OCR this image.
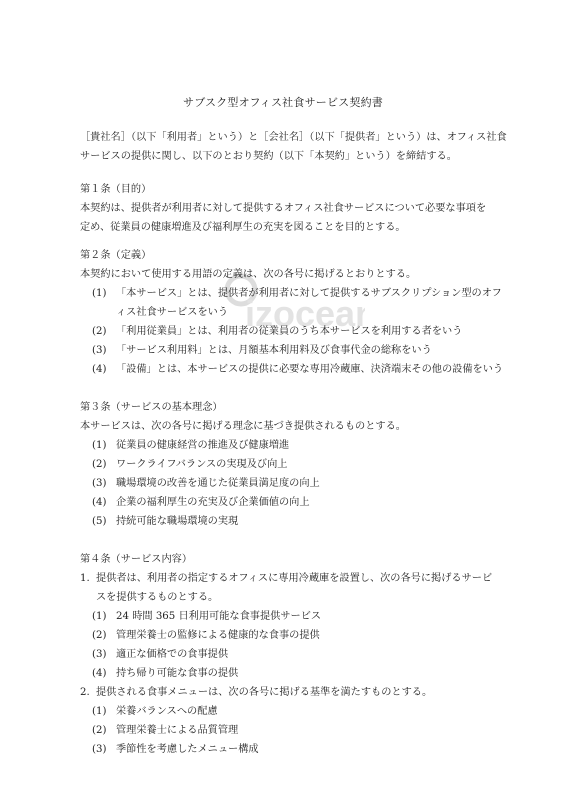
izocean
サブスク型オフィス社食サービス契約書
［貴社名］（以下「利用者」という）と［会社名］（以下「提供者」という）は、オフィス社食
サービスの提供に関し、以下のとおり契約（以下「本契約」という）を締結する。
第１条（目的）
本契約は、提供者が利用者に対して提供するオフィス社食サービスについて必要な事項を
定め、従業員の健康増進及び福利厚生の充実を図ることを目的とする。
第２条（定義）
本契約において使用する用語の定義は、次の各号に掲げるとおりとする。
(1) 「本サービス」とは、提供者が利用者に対して提供するサブスクリプション型のオフ
ィス社食サービスをいう
(2) 「利用従業員」とは、利用者の従業員のうち本サービスを利用する者をいう
(3) 「サービス利用料」とは、月額基本利用料及び食事代金の総称をいう
(4) 「設備」とは、本サービスの提供に必要な専用冷蔵庫、決済端末その他の設備をいう
第３条（サービスの基本理念）
本サービスは、次の各号に掲げる理念に基づき提供されるものとする。
(1) 従業員の健康経営の推進及び健康増進
(2) ワークライフバランスの実現及び向上
(3) 職場環境の改善を通じた従業員満足度の向上
(4) 企業の福利厚生の充実及び企業価値の向上
(5) 持続可能な職場環境の実現
第４条（サービス内容）
1. 提供者は、利用者の指定するオフィスに専用冷蔵庫を設置し、次の各号に掲げるサービ
スを提供するものとする。
(1) 24 時間 365 日利用可能な食事提供サービス
(2) 管理栄養士の監修による健康的な食事の提供
(3) 適正な価格での食事提供
(4) 持ち帰り可能な食事の提供
2. 提供される食事メニューは、次の各号に掲げる基準を満たすものとする。
(1) 栄養バランスへの配慮
(2) 管理栄養士による品質管理
(3) 季節性を考慮したメニュー構成
